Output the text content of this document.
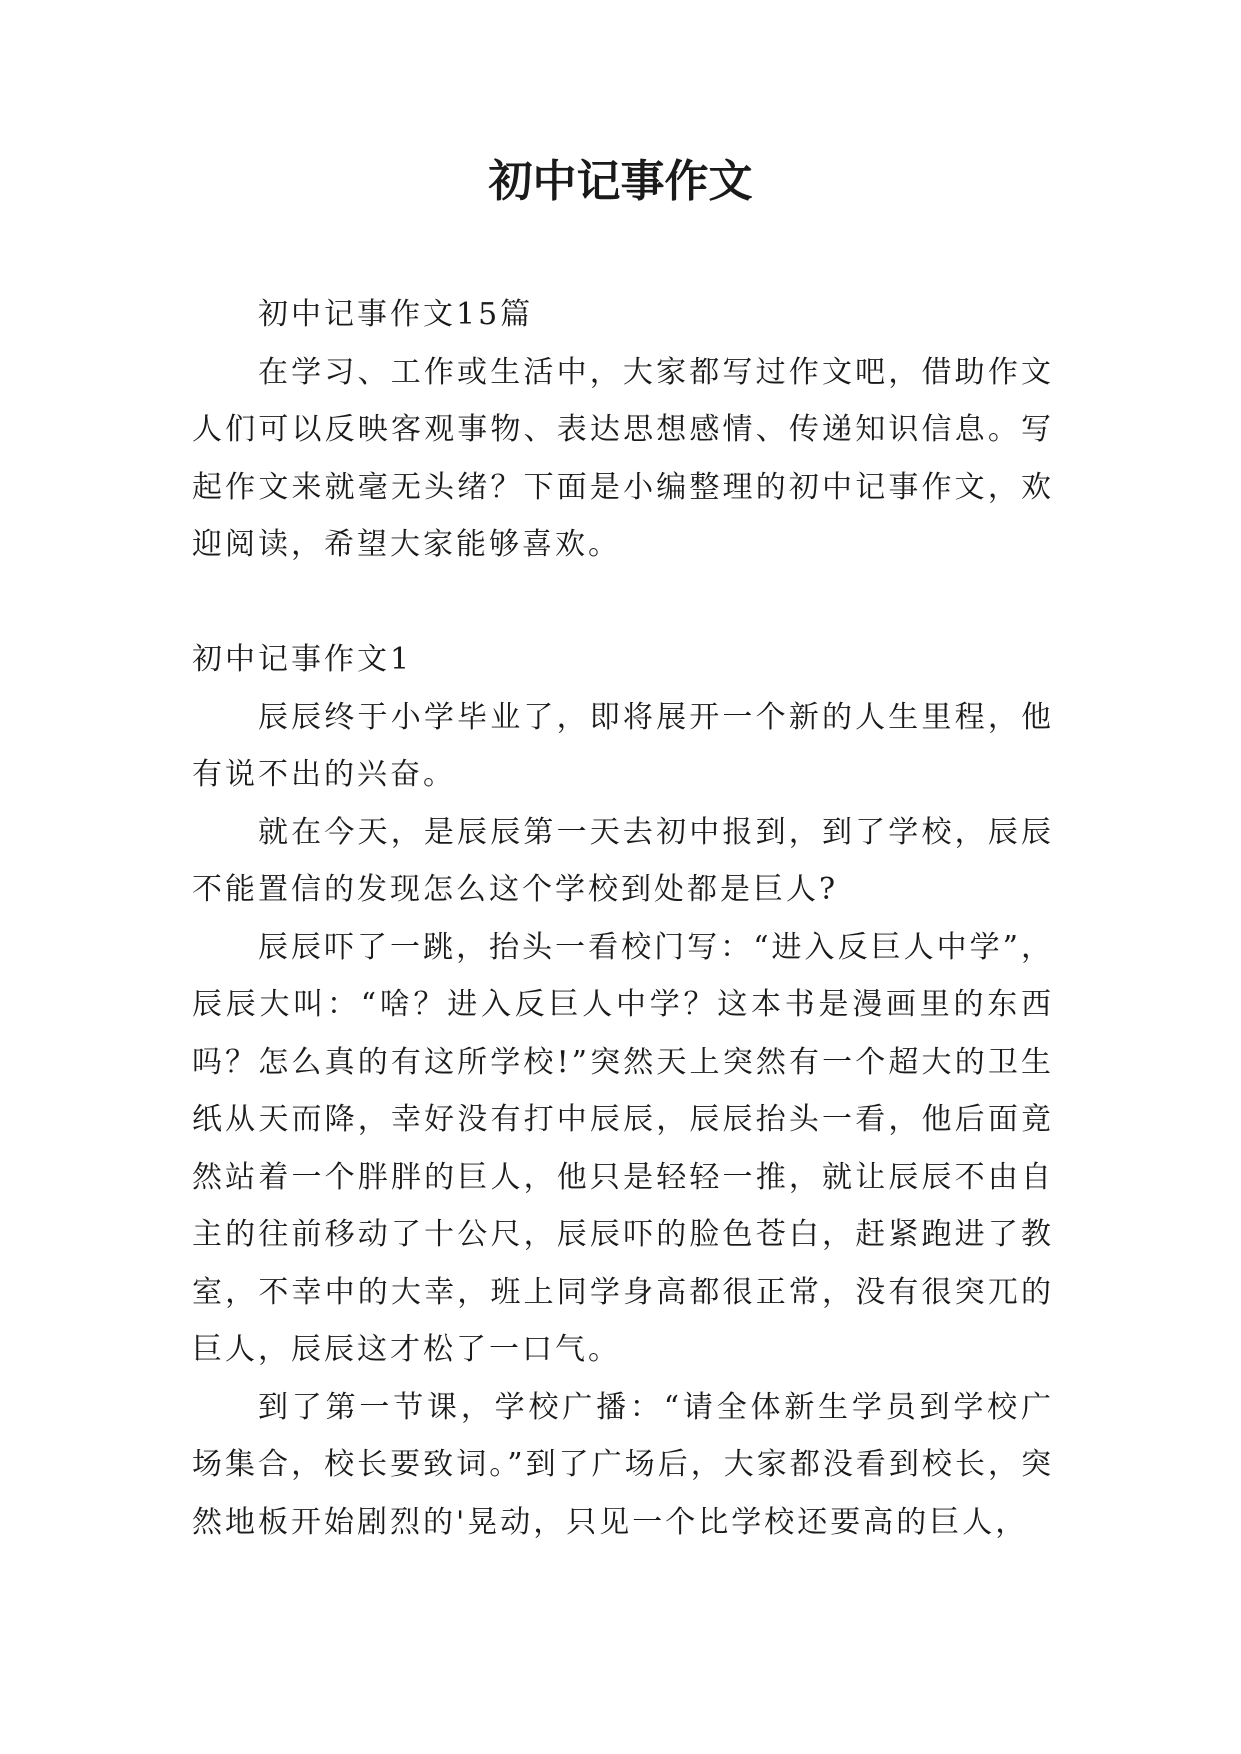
初中记事作文

初中记事作文15篇

在学习、工作或生活中，大家都写过作文吧，借助作文人们可以反映客观事物、表达思想感情、传递知识信息。写起作文来就毫无头绪？下面是小编整理的初中记事作文，欢迎阅读，希望大家能够喜欢。

初中记事作文1

辰辰终于小学毕业了，即将展开一个新的人生里程，他有说不出的兴奋。

就在今天，是辰辰第一天去初中报到，到了学校，辰辰不能置信的发现怎么这个学校到处都是巨人?

辰辰吓了一跳，抬头一看校门写：“进入反巨人中学”，辰辰大叫：“啥？进入反巨人中学？这本书是漫画里的东西吗？怎么真的有这所学校!”突然天上突然有一个超大的卫生纸从天而降，幸好没有打中辰辰，辰辰抬头一看，他后面竟然站着一个胖胖的巨人，他只是轻轻一推，就让辰辰不由自主的往前移动了十公尺，辰辰吓的脸色苍白，赶紧跑进了教室，不幸中的大幸，班上同学身高都很正常，没有很突兀的巨人，辰辰这才松了一口气。

到了第一节课，学校广播：“请全体新生学员到学校广场集合，校长要致词。”到了广场后，大家都没看到校长，突然地板开始剧烈的'晃动，只见一个比学校还要高的巨人，
